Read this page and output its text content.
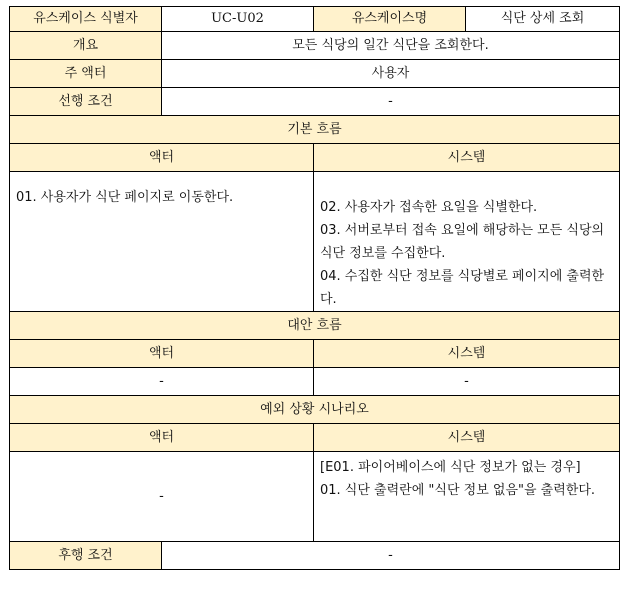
유스케이스 식별자	UC-U02	유스케이스명	식단 상세 조회
개요	모든 식당의 일간 식단을 조회한다.		
주 액터	사용자		
선행 조건	-		
기본 흐름			
액터		시스템	

01. 사용자가 식단 페이지로 이동한다.		02. 사용자가 접속한 요일을 식별한다.
03. 서버로부터 접속 요일에 해당하는 모든 식당의 식단 정보를 수집한다.
04. 수집한 식단 정보를 식당별로 페이지에 출력한다.	

대안 흐름			
액터		시스템	
-		-	
예외 상황 시나리오			
액터		시스템	
-		[E01. 파이어베이스에 식단 정보가 없는 경우]
01. 식단 출력란에 "식단 정보 없음"을 출력한다.	

후행 조건	-		
